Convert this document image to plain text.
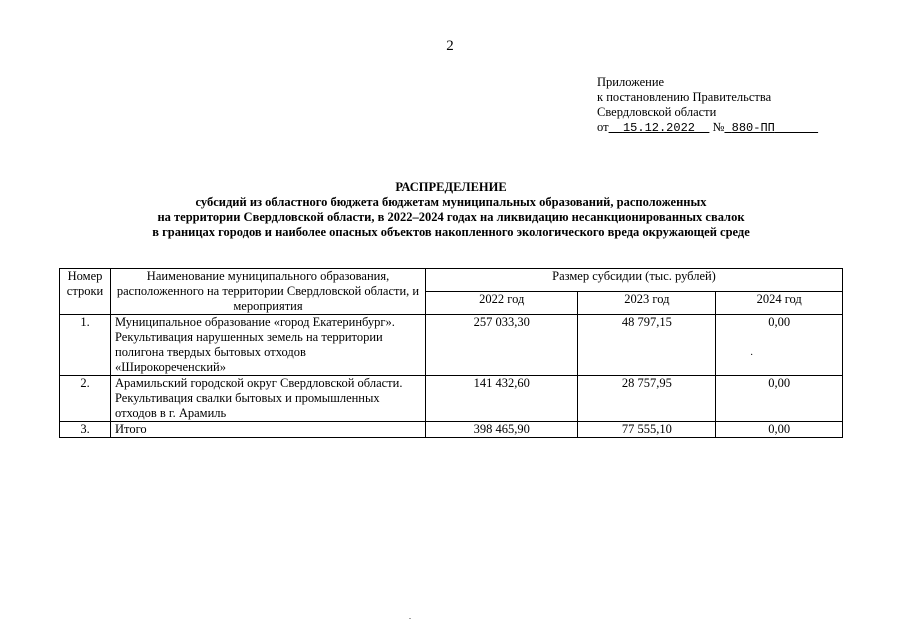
2
Приложение
к постановлению Правительства
Свердловской области
от 15.12.2022 № 880-ПП
РАСПРЕДЕЛЕНИЕ
субсидий из областного бюджета бюджетам муниципальных образований, расположенных
на территории Свердловской области, в 2022–2024 годах на ликвидацию несанкционированных свалок
в границах городов и наиболее опасных объектов накопленного экологического вреда окружающей среде
Номер строки	Наименование муниципального образования, расположенного на территории Свердловской области, и мероприятия	Размер субсидии (тыс. рублей)		
		2022 год	2023 год	2024 год
1.	Муниципальное образование «город Екатеринбург».
Рекультивация нарушенных земель на территории
полигона твердых бытовых отходов
«Широкореченский»	257 033,30	48 797,15	0,00
2.	Арамильский городской округ Свердловской области.
Рекультивация свалки бытовых и промышленных
отходов в г. Арамиль	141 432,60	28 757,95	0,00
3.	Итого	398 465,90	77 555,10	0,00
·
.
